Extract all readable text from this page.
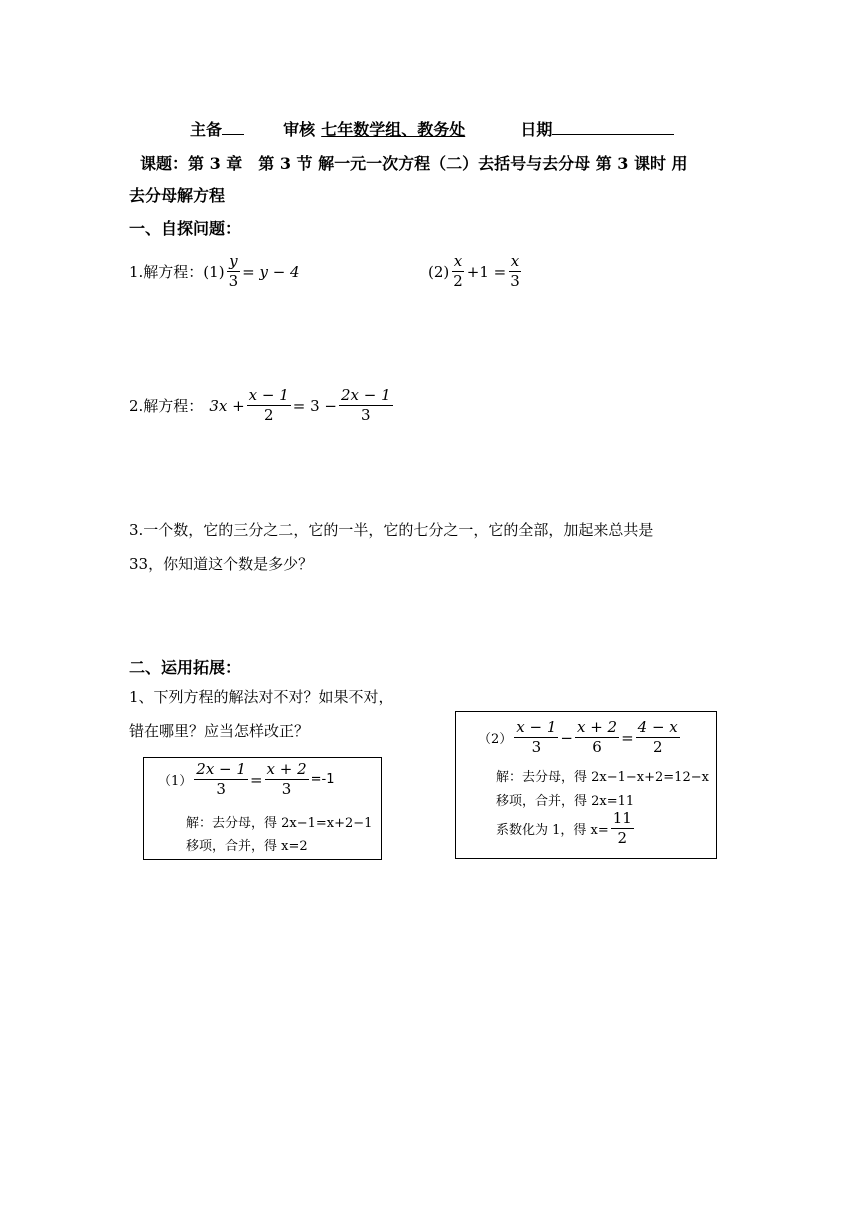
主备	审核 七年数学组、教务处	日期
课题：第 3 章　第 3 节 解一元一次方程（二）去括号与去分母 第 3 课时 用
去分母解方程
一、自探问题：
1.解方程：$(1) \frac{y}{3} = y - 4$	$(2) \frac{x}{2} +1 = \frac{x}{3}$
2.解方程： $3x + \frac{x - 1}{2} = 3 - \frac{2x - 1}{3}$
3.一个数，它的三分之二，它的一半，它的七分之一，它的全部，加起来总共是
33，你知道这个数是多少？
二、运用拓展：
1、下列方程的解法对不对？如果不对，
错在哪里？应当怎样改正？
$(1) \frac{2x - 1}{3} = \frac{x + 2}{3} =-1$
解：去分母，得 2x−1=x+2−1
移项，合并，得 x=2
$(2) \frac{x - 1}{3} - \frac{x + 2}{6} = \frac{4 - x}{2}$
解：去分母，得 2x−1−x+2=12−x
移项，合并，得 2x=11
系数化为 1，得 $x= \frac{11}{2}$
